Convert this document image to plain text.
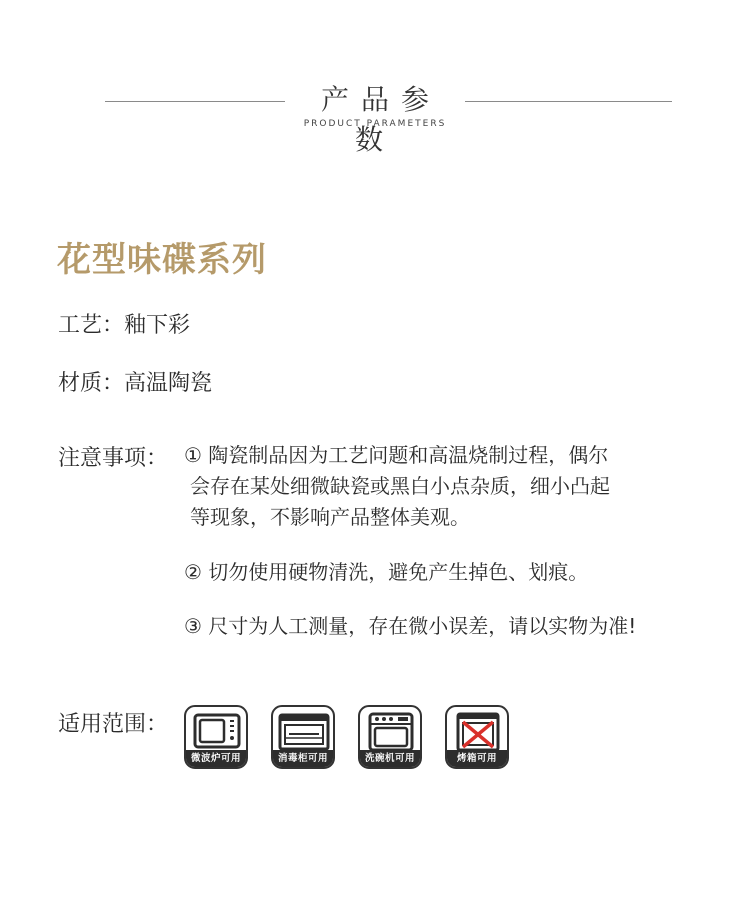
产品参数
PRODUCT PARAMETERS
花型味碟系列
工艺：釉下彩
材质：高温陶瓷
注意事项： ① 陶瓷制品因为工艺问题和高温烧制过程，偶尔
会存在某处细微缺瓷或黑白小点杂质，细小凸起
等现象，不影响产品整体美观。
② 切勿使用硬物清洗，避免产生掉色、划痕。
③ 尺寸为人工测量，存在微小误差，请以实物为准!
适用范围：
微波炉可用	消毒柜可用	洗碗机可用	烤箱可用
